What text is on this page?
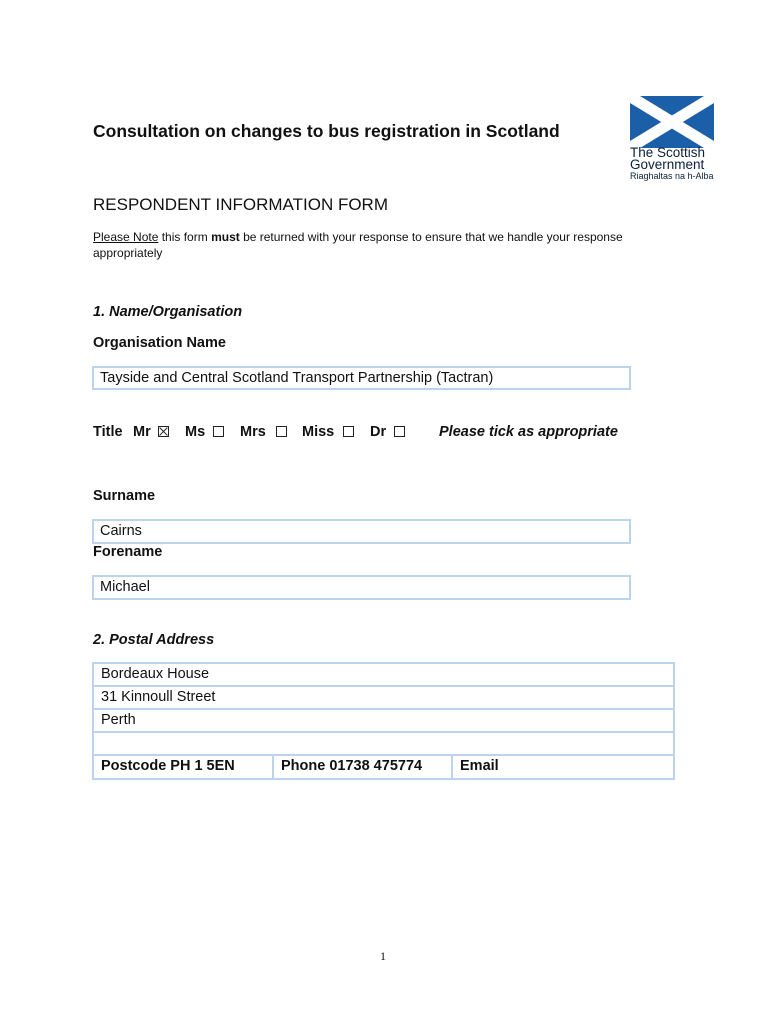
Consultation on changes to bus registration in Scotland
The Scottish
Government
Riaghaltas na h-Alba
RESPONDENT INFORMATION FORM
Please Note this form must be returned with your response to ensure that we handle your response appropriately
1. Name/Organisation
Organisation Name
Tayside and Central Scotland Transport Partnership (Tactran)
Title Mr Ms Mrs Miss Dr	Please tick as appropriate
Surname
Cairns
Forename
Michael
2. Postal Address
Bordeaux House
31 Kinnoull Street
Perth
Postcode PH 1 5EN	Phone 01738 475774	Email
1
